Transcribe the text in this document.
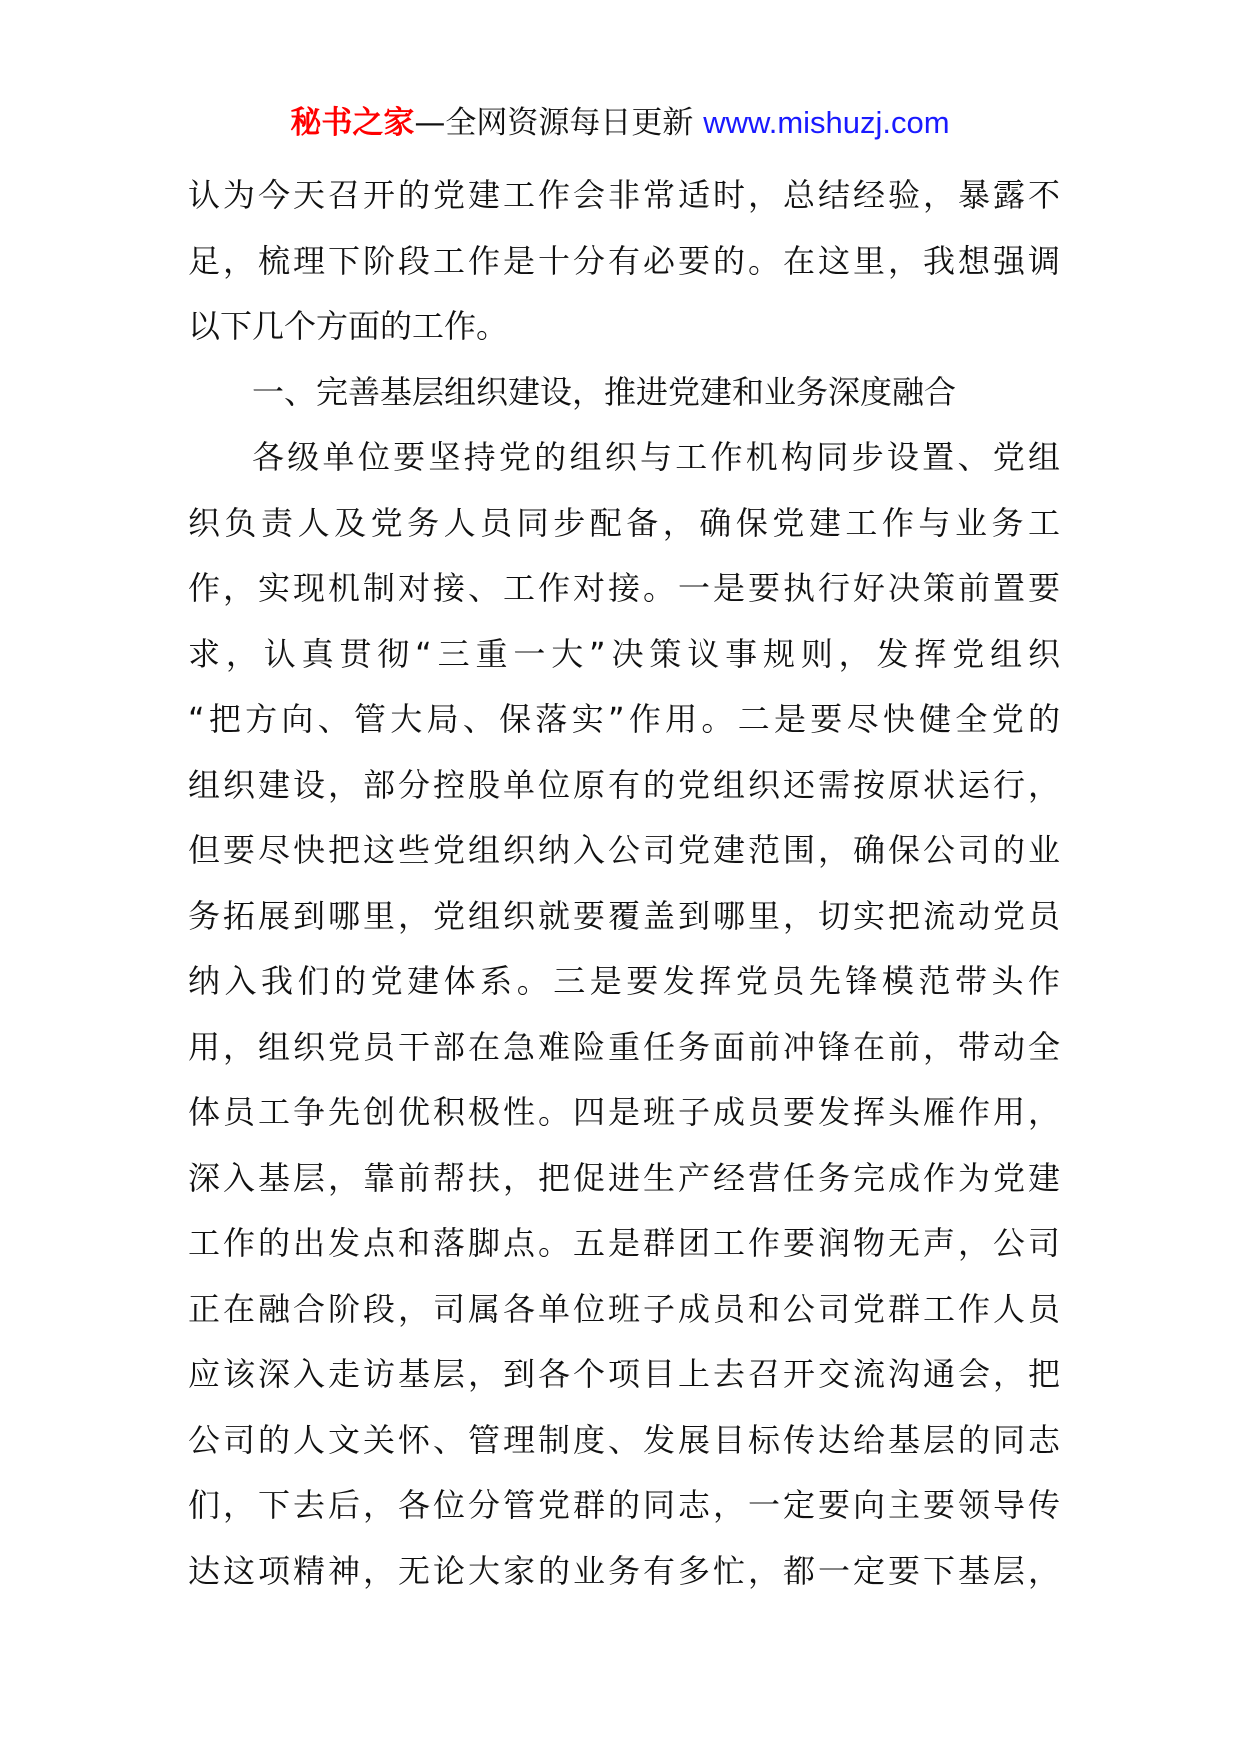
秘书之家—全网资源每日更新 www.mishuzj.com
认为今天召开的党建工作会非常适时，总结经验，暴露不
足，梳理下阶段工作是十分有必要的。在这里，我想强调
以下几个方面的工作。
一、完善基层组织建设，推进党建和业务深度融合
各级单位要坚持党的组织与工作机构同步设置、党组
织负责人及党务人员同步配备，确保党建工作与业务工
作，实现机制对接、工作对接。一是要执行好决策前置要
求，认真贯彻“三重一大”决策议事规则，发挥党组织
“把方向、管大局、保落实”作用。二是要尽快健全党的
组织建设，部分控股单位原有的党组织还需按原状运行，
但要尽快把这些党组织纳入公司党建范围，确保公司的业
务拓展到哪里，党组织就要覆盖到哪里，切实把流动党员
纳入我们的党建体系。三是要发挥党员先锋模范带头作
用，组织党员干部在急难险重任务面前冲锋在前，带动全
体员工争先创优积极性。四是班子成员要发挥头雁作用，
深入基层，靠前帮扶，把促进生产经营任务完成作为党建
工作的出发点和落脚点。五是群团工作要润物无声，公司
正在融合阶段，司属各单位班子成员和公司党群工作人员
应该深入走访基层，到各个项目上去召开交流沟通会，把
公司的人文关怀、管理制度、发展目标传达给基层的同志
们，下去后，各位分管党群的同志，一定要向主要领导传
达这项精神，无论大家的业务有多忙，都一定要下基层，
